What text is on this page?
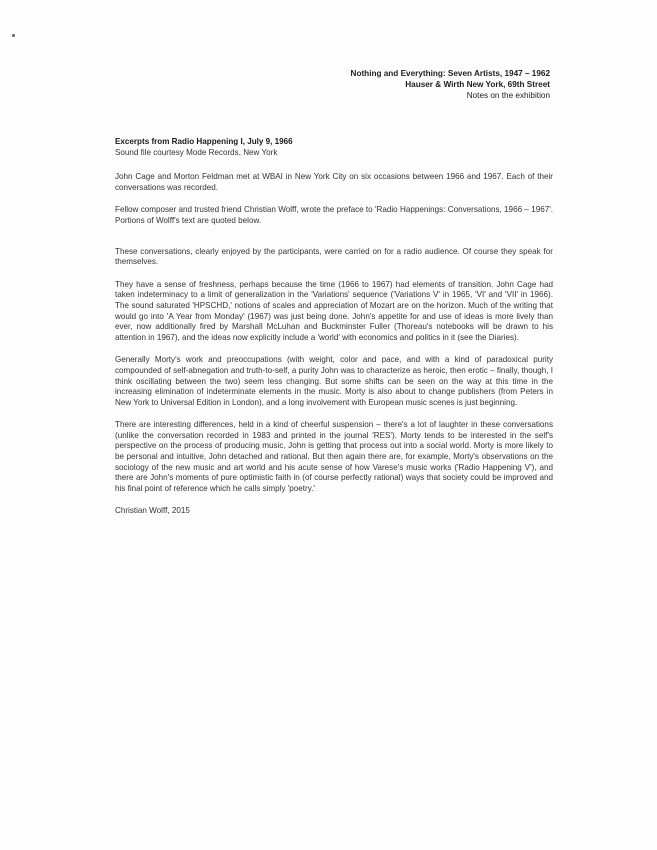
Nothing and Everything: Seven Artists, 1947 – 1962
Hauser & Wirth New York, 69th Street
Notes on the exhibition

Excerpts from Radio Happening I, July 9, 1966

Sound file courtesy Mode Records, New York

John Cage and Morton Feldman met at WBAI in New York City on six occasions between 1966 and 1967. Each of their conversations was recorded.

Fellow composer and trusted friend Christian Wolff, wrote the preface to 'Radio Happenings: Conversations, 1966 – 1967'. Portions of Wolff's text are quoted below.

These conversations, clearly enjoyed by the participants, were carried on for a radio audience. Of course they speak for themselves.

They have a sense of freshness, perhaps because the time (1966 to 1967) had elements of transition. John Cage had taken indeterminacy to a limit of generalization in the 'Variations' sequence ('Variations V' in 1965, 'VI' and 'VII' in 1966). The sound saturated 'HPSCHD,' notions of scales and appreciation of Mozart are on the horizon. Much of the writing that would go into 'A Year from Monday' (1967) was just being done. John's appetite for and use of ideas is more lively than ever, now additionally fired by Marshall McLuhan and Buckminster Fuller (Thoreau's notebooks will be drawn to his attention in 1967), and the ideas now explicitly include a 'world' with economics and politics in it (see the Diaries).

Generally Morty's work and preoccupations (with weight, color and pace, and with a kind of paradoxical purity compounded of self-abnegation and truth-to-self, a purity John was to characterize as heroic, then erotic – finally, though, I think oscillating between the two) seem less changing. But some shifts can be seen on the way at this time in the increasing elimination of indeterminate elements in the music. Morty is also about to change publishers (from Peters in New York to Universal Edition in London), and a long involvement with European music scenes is just beginning.

There are interesting differences, held in a kind of cheerful suspension – there's a lot of laughter in these conversations (unlike the conversation recorded in 1983 and printed in the journal 'RES'). Morty tends to be interested in the self's perspective on the process of producing music, John is getting that process out into a social world. Morty is more likely to be personal and intuitive, John detached and rational. But then again there are, for example, Morty's observations on the sociology of the new music and art world and his acute sense of how Varese's music works ('Radio Happening V'), and there are John's moments of pure optimistic faith in (of course perfectly rational) ways that society could be improved and his final point of reference which he calls simply 'poetry.'

Christian Wolff, 2015
